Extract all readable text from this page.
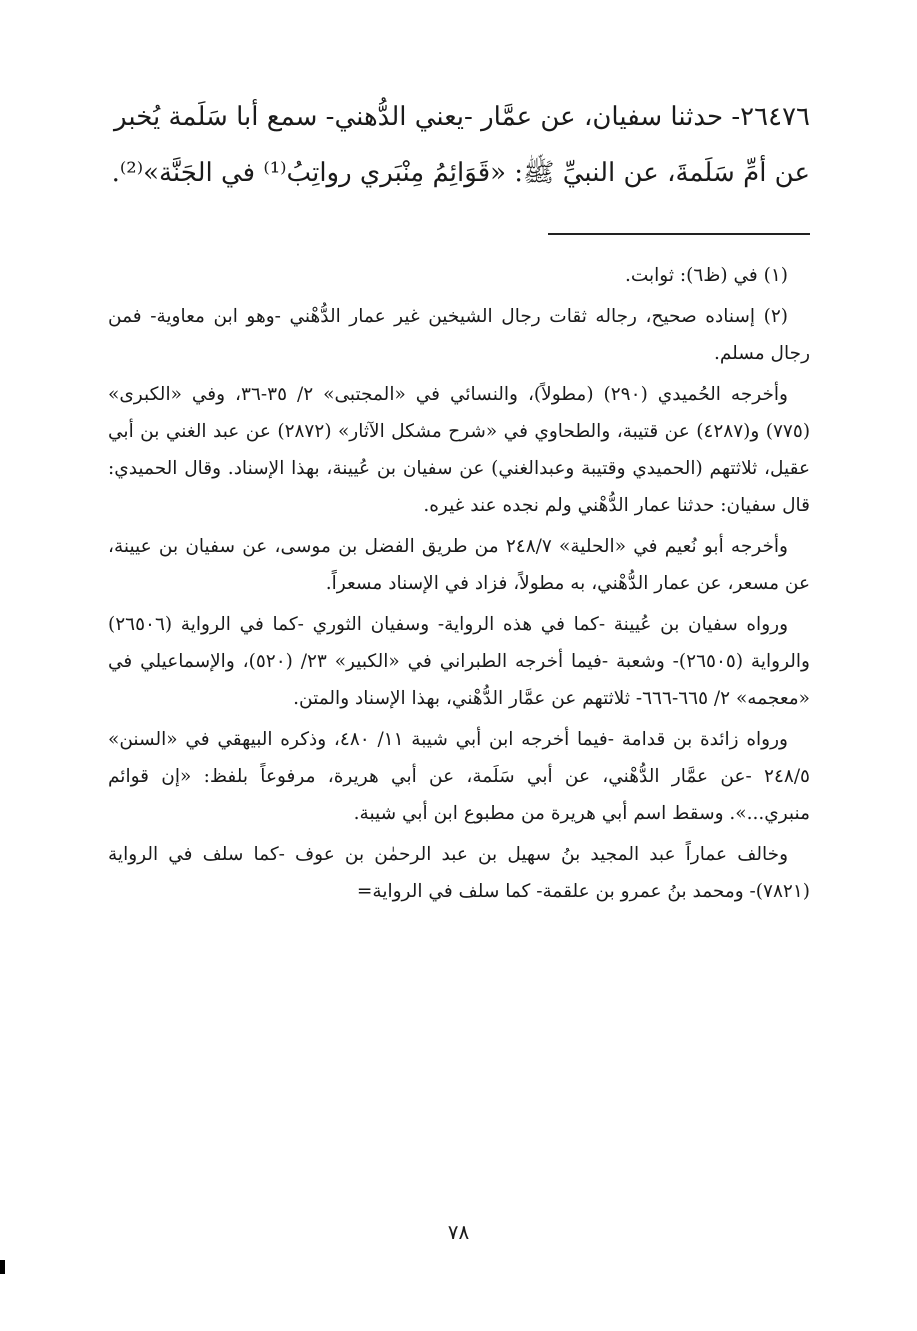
٢٦٤٧٦- حدثنا سفيان، عن عمَّار -يعني الدُّهني- سمع أبا سَلَمة يُخبر

عن أمِّ سَلَمةَ، عن النبيِّ ﷺ: «قَوَائِمُ مِنْبَري رواتِبُ⁽¹⁾ في الجَنَّة»⁽²⁾.

(١) في (ظ٦): ثوابت.

(٢) إسناده صحيح، رجاله ثقات رجال الشيخين غير عمار الدُّهْني -وهو ابن معاوية- فمن رجال مسلم.

وأخرجه الحُميدي (٢٩٠) (مطولاً)، والنسائي في «المجتبى» ٢/ ٣٥-٣٦، وفي «الكبرى» (٧٧٥) و(٤٢٨٧) عن قتيبة، والطحاوي في «شرح مشكل الآثار» (٢٨٧٢) عن عبد الغني بن أبي عقيل، ثلاثتهم (الحميدي وقتيبة وعبدالغني) عن سفيان بن عُيينة، بهذا الإسناد. وقال الحميدي: قال سفيان: حدثنا عمار الدُّهْني ولم نجده عند غيره.

وأخرجه أبو نُعيم في «الحلية» ٢٤٨/٧ من طريق الفضل بن موسى، عن سفيان بن عيينة، عن مسعر، عن عمار الدُّهْني، به مطولاً، فزاد في الإسناد مسعراً.

ورواه سفيان بن عُيينة -كما في هذه الرواية- وسفيان الثوري -كما في الرواية (٢٦٥٠٦) والرواية (٢٦٥٠٥)- وشعبة -فيما أخرجه الطبراني في «الكبير» ٢٣/ (٥٢٠)، والإسماعيلي في «معجمه» ٢/ ٦٦٥-٦٦٦- ثلاثتهم عن عمَّار الدُّهْني، بهذا الإسناد والمتن.

ورواه زائدة بن قدامة -فيما أخرجه ابن أبي شيبة ١١/ ٤٨٠، وذكره البيهقي في «السنن» ٢٤٨/٥ -عن عمَّار الدُّهْني، عن أبي سَلَمة، عن أبي هريرة، مرفوعاً بلفظ: «إن قوائم منبري...». وسقط اسم أبي هريرة من مطبوع ابن أبي شيبة.

وخالف عماراً عبد المجيد بنُ سهيل بن عبد الرحمٰن بن عوف -كما سلف في الرواية (٧٨٢١)- ومحمد بنُ عمرو بن علقمة- كما سلف في الرواية=

٧٨
